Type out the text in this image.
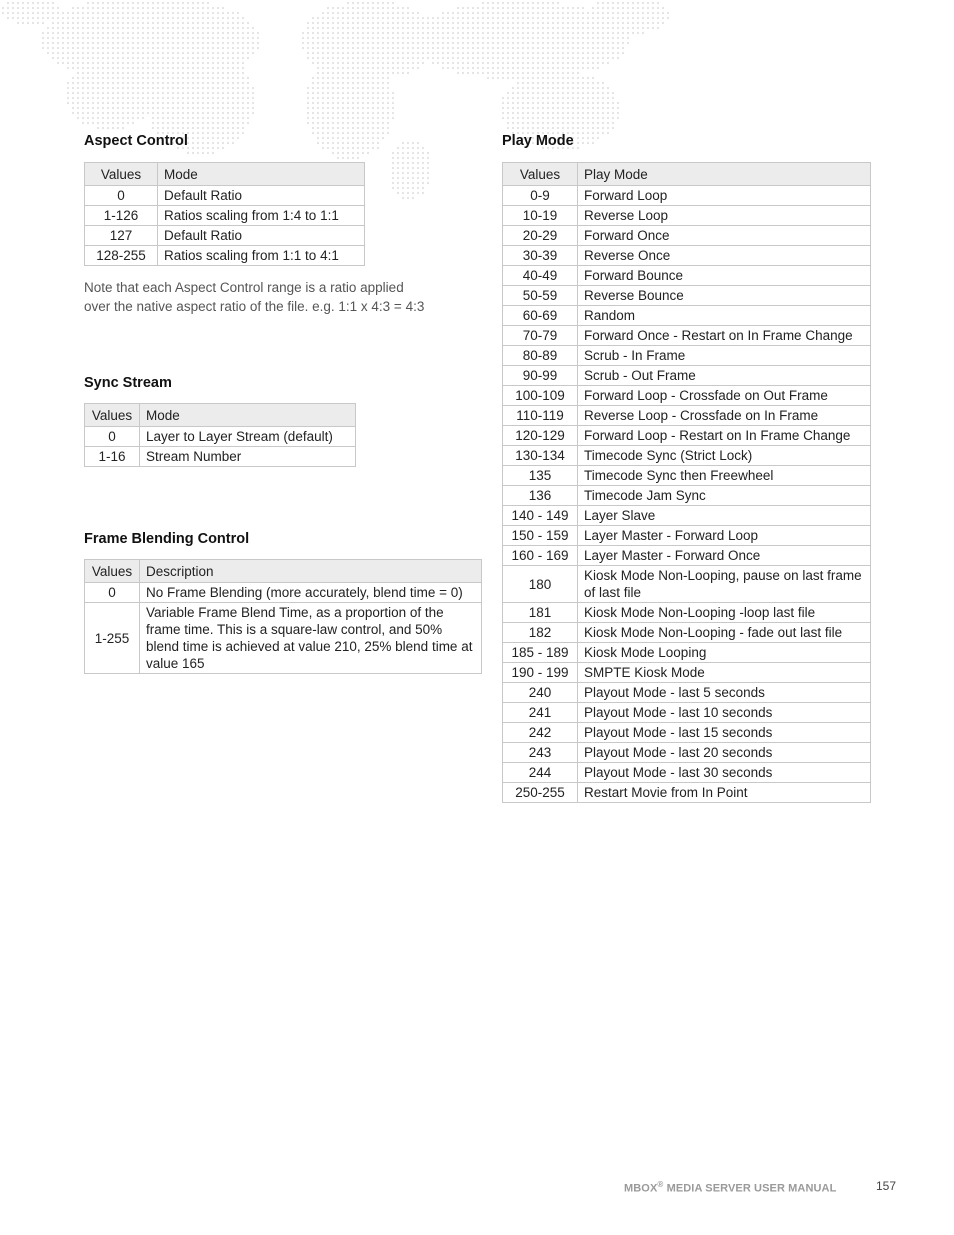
Aspect Control
Values	Mode
0	Default Ratio
1-126	Ratios scaling from 1:4 to 1:1
127	Default Ratio
128-255	Ratios scaling from 1:1 to 4:1

Note that each Aspect Control range is a ratio applied
over the native aspect ratio of the file. e.g. 1:1 x 4:3 = 4:3

Sync Stream
Values	Mode
0	Layer to Layer Stream (default)
1-16	Stream Number
Frame Blending Control
Values	Description
0	No Frame Blending (more accurately, blend time = 0)
1-255	Variable Frame Blend Time, as a proportion of the frame time. This is a square-law control, and 50% blend time is achieved at value 210, 25% blend time at value 165
Play Mode
Values	Play Mode
0-9	Forward Loop
10-19	Reverse Loop
20-29	Forward Once
30-39	Reverse Once
40-49	Forward Bounce
50-59	Reverse Bounce
60-69	Random
70-79	Forward Once - Restart on In Frame Change
80-89	Scrub - In Frame
90-99	Scrub - Out Frame
100-109	Forward Loop - Crossfade on Out Frame
110-119	Reverse Loop - Crossfade on In Frame
120-129	Forward Loop - Restart on In Frame Change
130-134	Timecode Sync (Strict Lock)
135	Timecode Sync then Freewheel
136	Timecode Jam Sync
140 - 149	Layer Slave
150 - 159	Layer Master - Forward Loop
160 - 169	Layer Master - Forward Once
180	Kiosk Mode Non-Looping, pause on last frame of last file
181	Kiosk Mode Non-Looping -loop last file
182	Kiosk Mode Non-Looping - fade out last file
185 - 189	Kiosk Mode Looping
190 - 199	SMPTE Kiosk Mode
240	Playout Mode - last 5 seconds
241	Playout Mode - last 10 seconds
242	Playout Mode - last 15 seconds
243	Playout Mode - last 20 seconds
244	Playout Mode - last 30 seconds
250-255	Restart Movie from In Point
MBOX® MEDIA SERVER USER MANUAL	157
